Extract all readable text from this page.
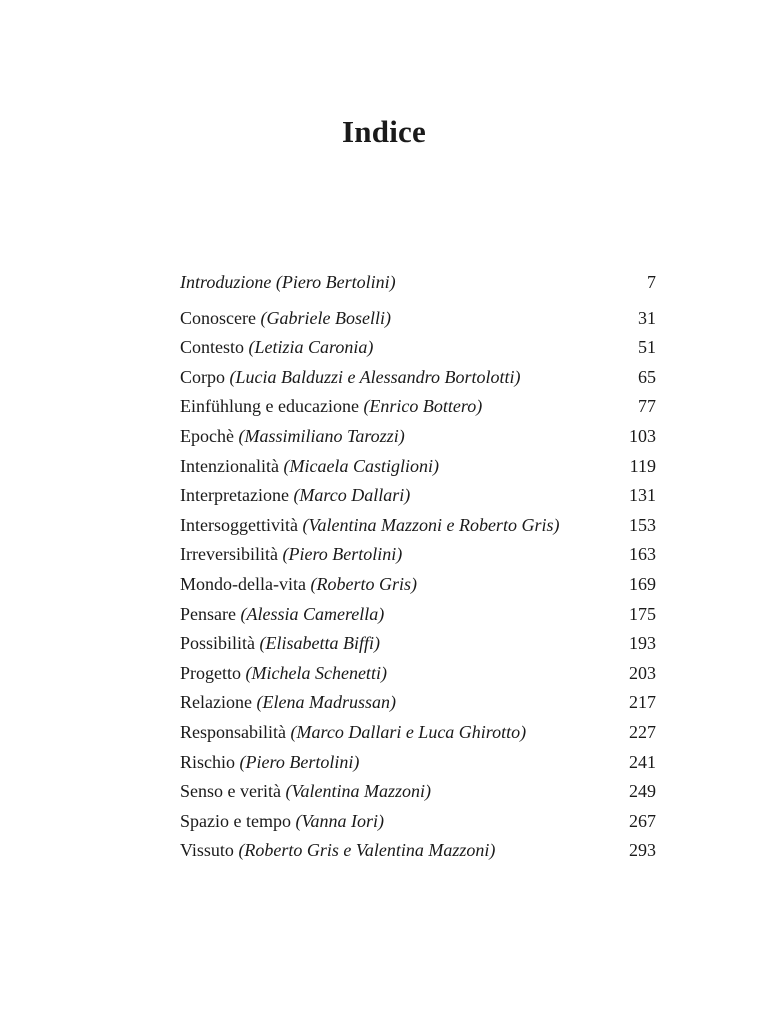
Indice
Introduzione (Piero Bertolini)	7
Conoscere (Gabriele Boselli)	31
Contesto (Letizia Caronia)	51
Corpo (Lucia Balduzzi e Alessandro Bortolotti)	65
Einfühlung e educazione (Enrico Bottero)	77
Epochè (Massimiliano Tarozzi)	103
Intenzionalità (Micaela Castiglioni)	119
Interpretazione (Marco Dallari)	131
Intersoggettività (Valentina Mazzoni e Roberto Gris)	153
Irreversibilità (Piero Bertolini)	163
Mondo-della-vita (Roberto Gris)	169
Pensare (Alessia Camerella)	175
Possibilità (Elisabetta Biffi)	193
Progetto (Michela Schenetti)	203
Relazione (Elena Madrussan)	217
Responsabilità (Marco Dallari e Luca Ghirotto)	227
Rischio (Piero Bertolini)	241
Senso e verità (Valentina Mazzoni)	249
Spazio e tempo (Vanna Iori)	267
Vissuto (Roberto Gris e Valentina Mazzoni)	293
